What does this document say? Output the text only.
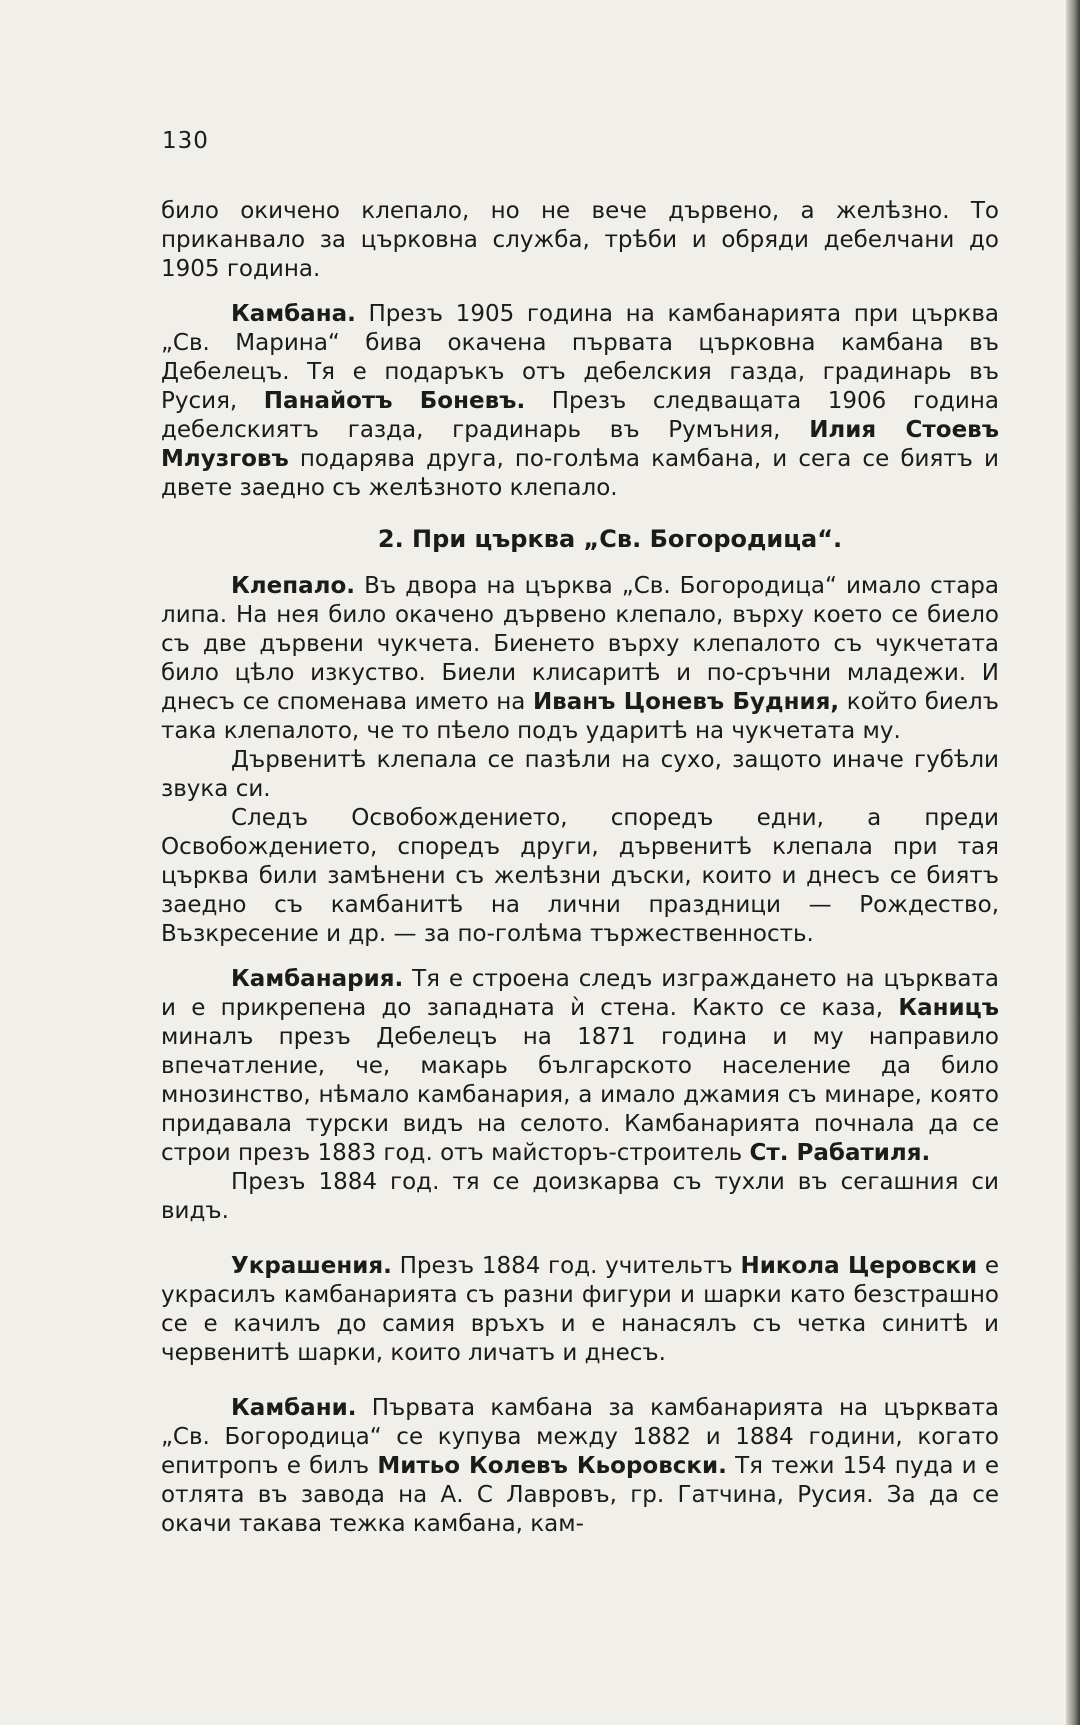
130

било окичено клепало, но не вече дървено, а желѣзно. То приканвало за църковна служба, трѣби и обряди дебелчани до 1905 година.

Камбана. Презъ 1905 година на камбанарията при църква „Св. Марина“ бива окачена първата църковна камбана въ Дебелецъ. Тя е подаръкъ отъ дебелския газда, градинарь въ Русия, Панайотъ Боневъ. Презъ следващата 1906 година дебелскиятъ газда, градинарь въ Румъния, Илия Стоевъ Млузговъ подарява друга, по-голѣма камбана, и сега се биятъ и двете заедно съ желѣзното клепало.

2. При църква „Св. Богородица“.

Клепало. Въ двора на църква „Св. Богородица“ имало стара липа. На нея било окачено дървено клепало, върху което се биело съ две дървени чукчета. Биенето върху клепалото съ чукчетата било цѣло изкуство. Биели клисаритѣ и по-сръчни младежи. И днесъ се споменава името на Иванъ Цоневъ Будния, който биелъ така клепалото, че то пѣело подъ ударитѣ на чукчетата му.

Дървенитѣ клепала се пазѣли на сухо, защото иначе губѣли звука си.

Следъ Освобождението, споредъ едни, а преди Освобождението, споредъ други, дървенитѣ клепала при тая църква били замѣнени съ желѣзни дъски, които и днесъ се биятъ заедно съ камбанитѣ на лични праздници — Рождество, Възкресение и др. — за по-голѣма тържественность.

Камбанария. Тя е строена следъ изграждането на църквата и е прикрепена до западната ѝ стена. Както се каза, Каницъ миналъ презъ Дебелецъ на 1871 година и му направило впечатление, че, макарь българското население да било мнозинство, нѣмало камбанария, а имало джамия съ минаре, която придавала турски видъ на селото. Камбанарията почнала да се строи презъ 1883 год. отъ майсторъ-строитель Ст. Рабатиля.

Презъ 1884 год. тя се доизкарва съ тухли въ сегашния си видъ.

Украшения. Презъ 1884 год. учительтъ Никола Церовски е украсилъ камбанарията съ разни фигури и шарки като безстрашно се е качилъ до самия връхъ и е нанасялъ съ четка синитѣ и червенитѣ шарки, които личатъ и днесъ.

Камбани. Първата камбана за камбанарията на църквата „Св. Богородица“ се купува между 1882 и 1884 години, когато епитропъ е билъ Митьо Колевъ Кьоровски. Тя тежи 154 пуда и е отлята въ завода на А. С Лавровъ, гр. Гатчина, Русия. За да се окачи такава тежка камбана, кам-
